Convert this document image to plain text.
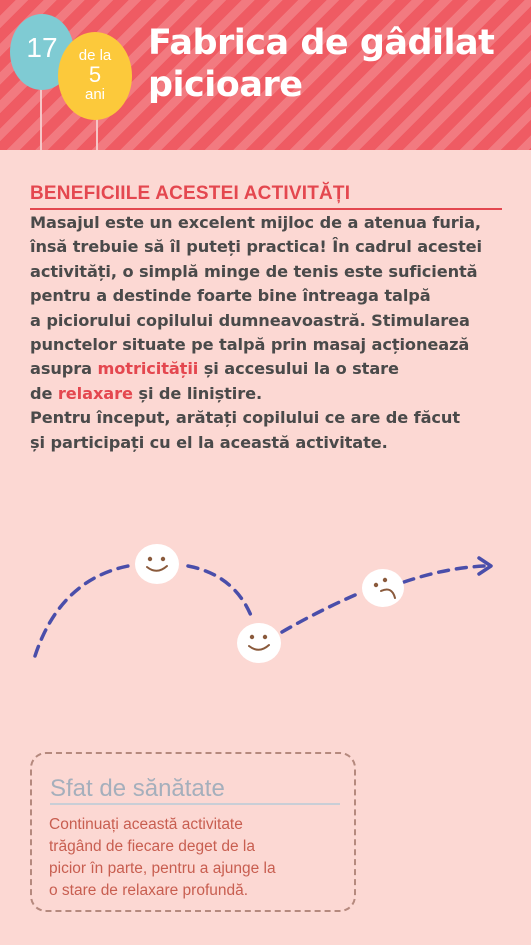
17	de la
5
ani
Fabrica de gâdilat
picioare
BENEFICIILE ACESTEI ACTIVITĂȚI
Masajul este un excelent mijloc de a atenua furia,
însă trebuie să îl puteți practica! În cadrul acestei
activități, o simplă minge de tenis este suficientă
pentru a destinde foarte bine întreaga talpă
a piciorului copilului dumneavoastră. Stimularea
punctelor situate pe talpă prin masaj acționează
asupra motricității și accesului la o stare
de relaxare și de liniștire.
Pentru început, arătați copilului ce are de făcut
și participați cu el la această activitate.
Sfat de sănătate
Continuați această activitate
trăgând de fiecare deget de la
picior în parte, pentru a ajunge la
o stare de relaxare profundă.
